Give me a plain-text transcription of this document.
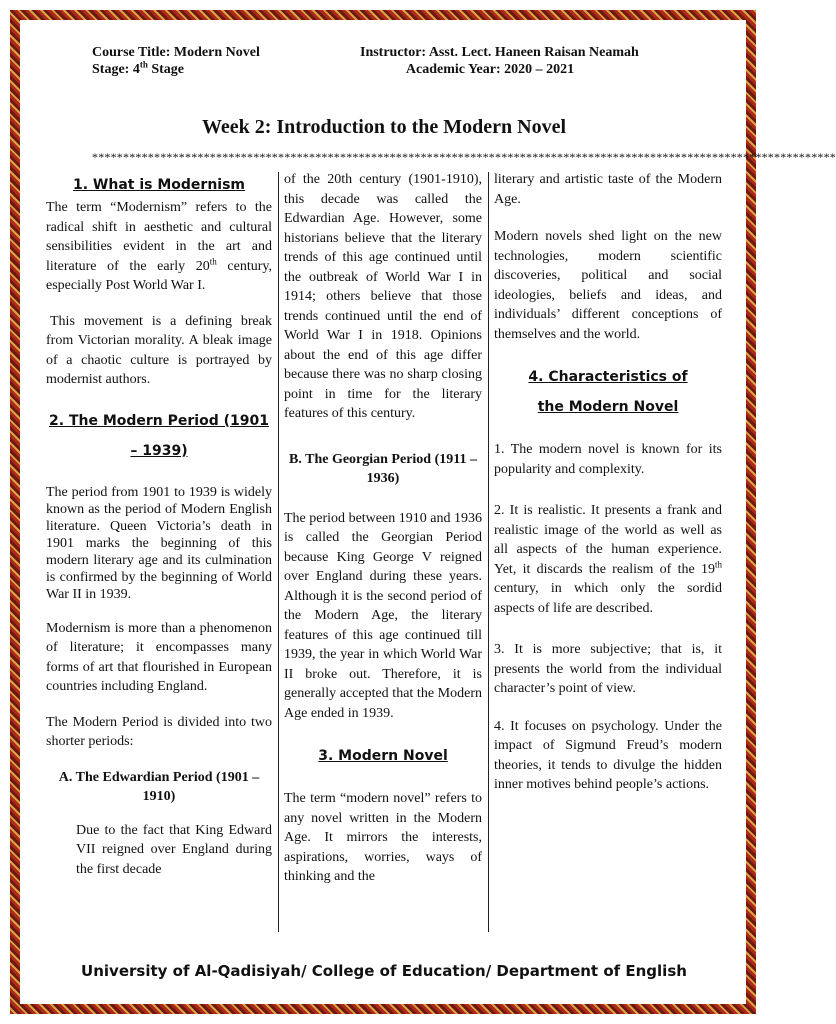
Course Title: Modern Novel
Stage: 4th Stage
Instructor: Asst. Lect. Haneen Raisan Neamah
Academic Year: 2020 – 2021
Week 2: Introduction to the Modern Novel
************************************************************************************************************************
1. What is Modernism

The term “Modernism” refers to the radical shift in aesthetic and cultural sensibilities evident in the art and literature of the early 20th century, especially Post World War I.

This movement is a defining break from Victorian morality. A bleak image of a chaotic culture is portrayed by modernist authors.

2. The Modern Period (1901 – 1939)

The period from 1901 to 1939 is widely known as the period of Modern English literature. Queen Victoria’s death in 1901 marks the beginning of this modern literary age and its culmination is confirmed by the beginning of World War II in 1939.

Modernism is more than a phenomenon of literature; it encompasses many forms of art that flourished in European countries including England.

The Modern Period is divided into two shorter periods:

A. The Edwardian Period (1901 – 1910)

Due to the fact that King Edward VII reigned over England during the first decade

of the 20th century (1901-1910), this decade was called the Edwardian Age. However, some historians believe that the literary trends of this age continued until the outbreak of World War I in 1914; others believe that those trends continued until the end of World War I in 1918. Opinions about the end of this age differ because there was no sharp closing point in time for the literary features of this century.

B. The Georgian Period (1911 – 1936)

The period between 1910 and 1936 is called the Georgian Period because King George V reigned over England during these years. Although it is the second period of the Modern Age, the literary features of this age continued till 1939, the year in which World War II broke out. Therefore, it is generally accepted that the Modern Age ended in 1939.

3. Modern Novel

The term “modern novel” refers to any novel written in the Modern Age. It mirrors the interests, aspirations, worries, ways of thinking and the

literary and artistic taste of the Modern Age.

Modern novels shed light on the new technologies, modern scientific discoveries, political and social ideologies, beliefs and ideas, and individuals’ different conceptions of themselves and the world.

4. Characteristics of the Modern Novel

1. The modern novel is known for its popularity and complexity.

2. It is realistic. It presents a frank and realistic image of the world as well as all aspects of the human experience. Yet, it discards the realism of the 19th century, in which only the sordid aspects of life are described.

3. It is more subjective; that is, it presents the world from the individual character’s point of view.

4. It focuses on psychology. Under the impact of Sigmund Freud’s modern theories, it tends to divulge the hidden inner motives behind people’s actions.

University of Al-Qadisiyah/ College of Education/ Department of English
